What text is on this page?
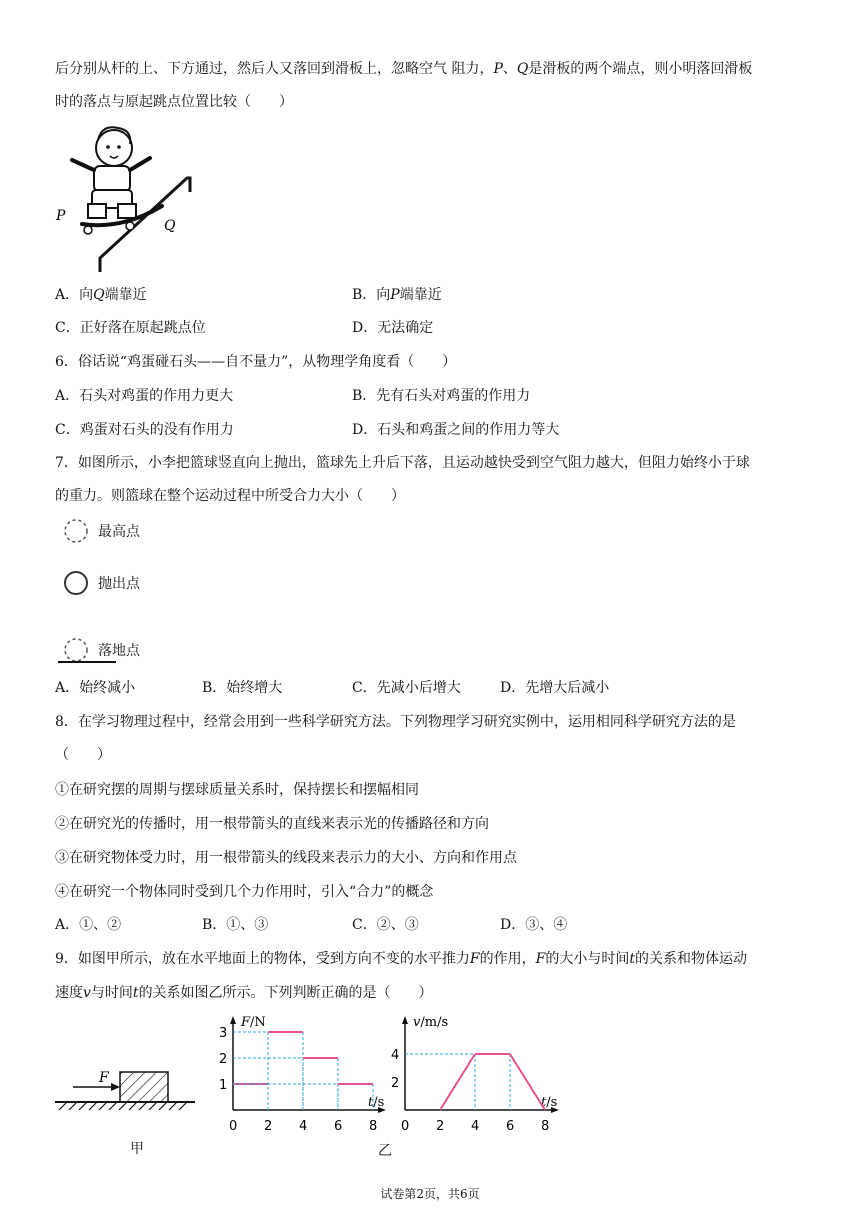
后分别从杆的上、下方通过，然后人又落回到滑板上，忽略空气 阻力，P、Q是滑板的两个端点，则小明落回滑板
时的落点与原起跳点位置比较（　　）
P
Q
A．向Q端靠近	B．向P端靠近
C．正好落在原起跳点位	D．无法确定
6．俗话说“鸡蛋碰石头——自不量力”，从物理学角度看（　　）
A．石头对鸡蛋的作用力更大	B．先有石头对鸡蛋的作用力
C．鸡蛋对石头的没有作用力	D．石头和鸡蛋之间的作用力等大
7．如图所示，小李把篮球竖直向上抛出，篮球先上升后下落，且运动越快受到空气阻力越大，但阻力始终小于球
的重力。则篮球在整个运动过程中所受合力大小（　　）
最高点
抛出点
落地点
A．始终减小	B．始终增大	C．先减小后增大	D．先增大后减小
8．在学习物理过程中，经常会用到一些科学研究方法。下列物理学习研究实例中，运用相同科学研究方法的是
（　　）
①在研究摆的周期与摆球质量关系时，保持摆长和摆幅相同
②在研究光的传播时，用一根带箭头的直线来表示光的传播路径和方向
③在研究物体受力时，用一根带箭头的线段来表示力的大小、方向和作用点
④在研究一个物体同时受到几个力作用时，引入“合力”的概念
A．①、②	B．①、③	C．②、③	D．③、④
9．如图甲所示，放在水平地面上的物体，受到方向不变的水平推力F的作用，F的大小与时间t的关系和物体运动
速度v与时间t的关系如图乙所示。下列判断正确的是（　　）
F
甲
F/N
t/s
0 2 4 6 8
1
2
3
v/m/s
t/s
0 2 4 6 8
2
4
乙
试卷第2页，共6页
